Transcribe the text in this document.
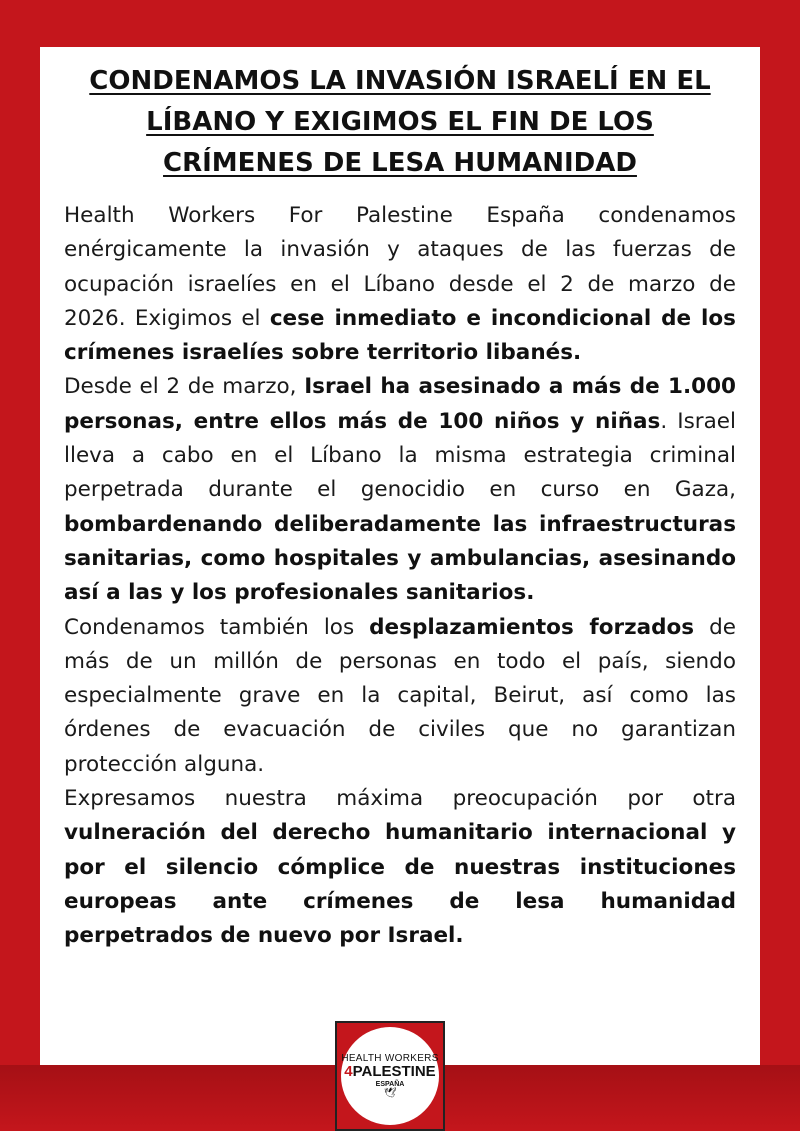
CONDENAMOS LA INVASIÓN ISRAELÍ EN EL LÍBANO Y EXIGIMOS EL FIN DE LOS CRÍMENES DE LESA HUMANIDAD

Health Workers For Palestine España condenamos enérgicamente la invasión y ataques de las fuerzas de ocupación israelíes en el Líbano desde el 2 de marzo de 2026. Exigimos el cese inmediato e incondicional de los crímenes israelíes sobre territorio libanés.

Desde el 2 de marzo, Israel ha asesinado a más de 1.000 personas, entre ellos más de 100 niños y niñas. Israel lleva a cabo en el Líbano la misma estrategia criminal perpetrada durante el genocidio en curso en Gaza, bombardenando deliberadamente las infraestructuras sanitarias, como hospitales y ambulancias, asesinando así a las y los profesionales sanitarios.

Condenamos también los desplazamientos forzados de más de un millón de personas en todo el país, siendo especialmente grave en la capital, Beirut, así como las órdenes de evacuación de civiles que no garantizan protección alguna.

Expresamos nuestra máxima preocupación por otra vulneración del derecho humanitario internacional y por el silencio cómplice de nuestras instituciones europeas ante crímenes de lesa humanidad perpetrados de nuevo por Israel.

HEALTH WORKERS
4PALESTINE
ESPAÑA
🕊
